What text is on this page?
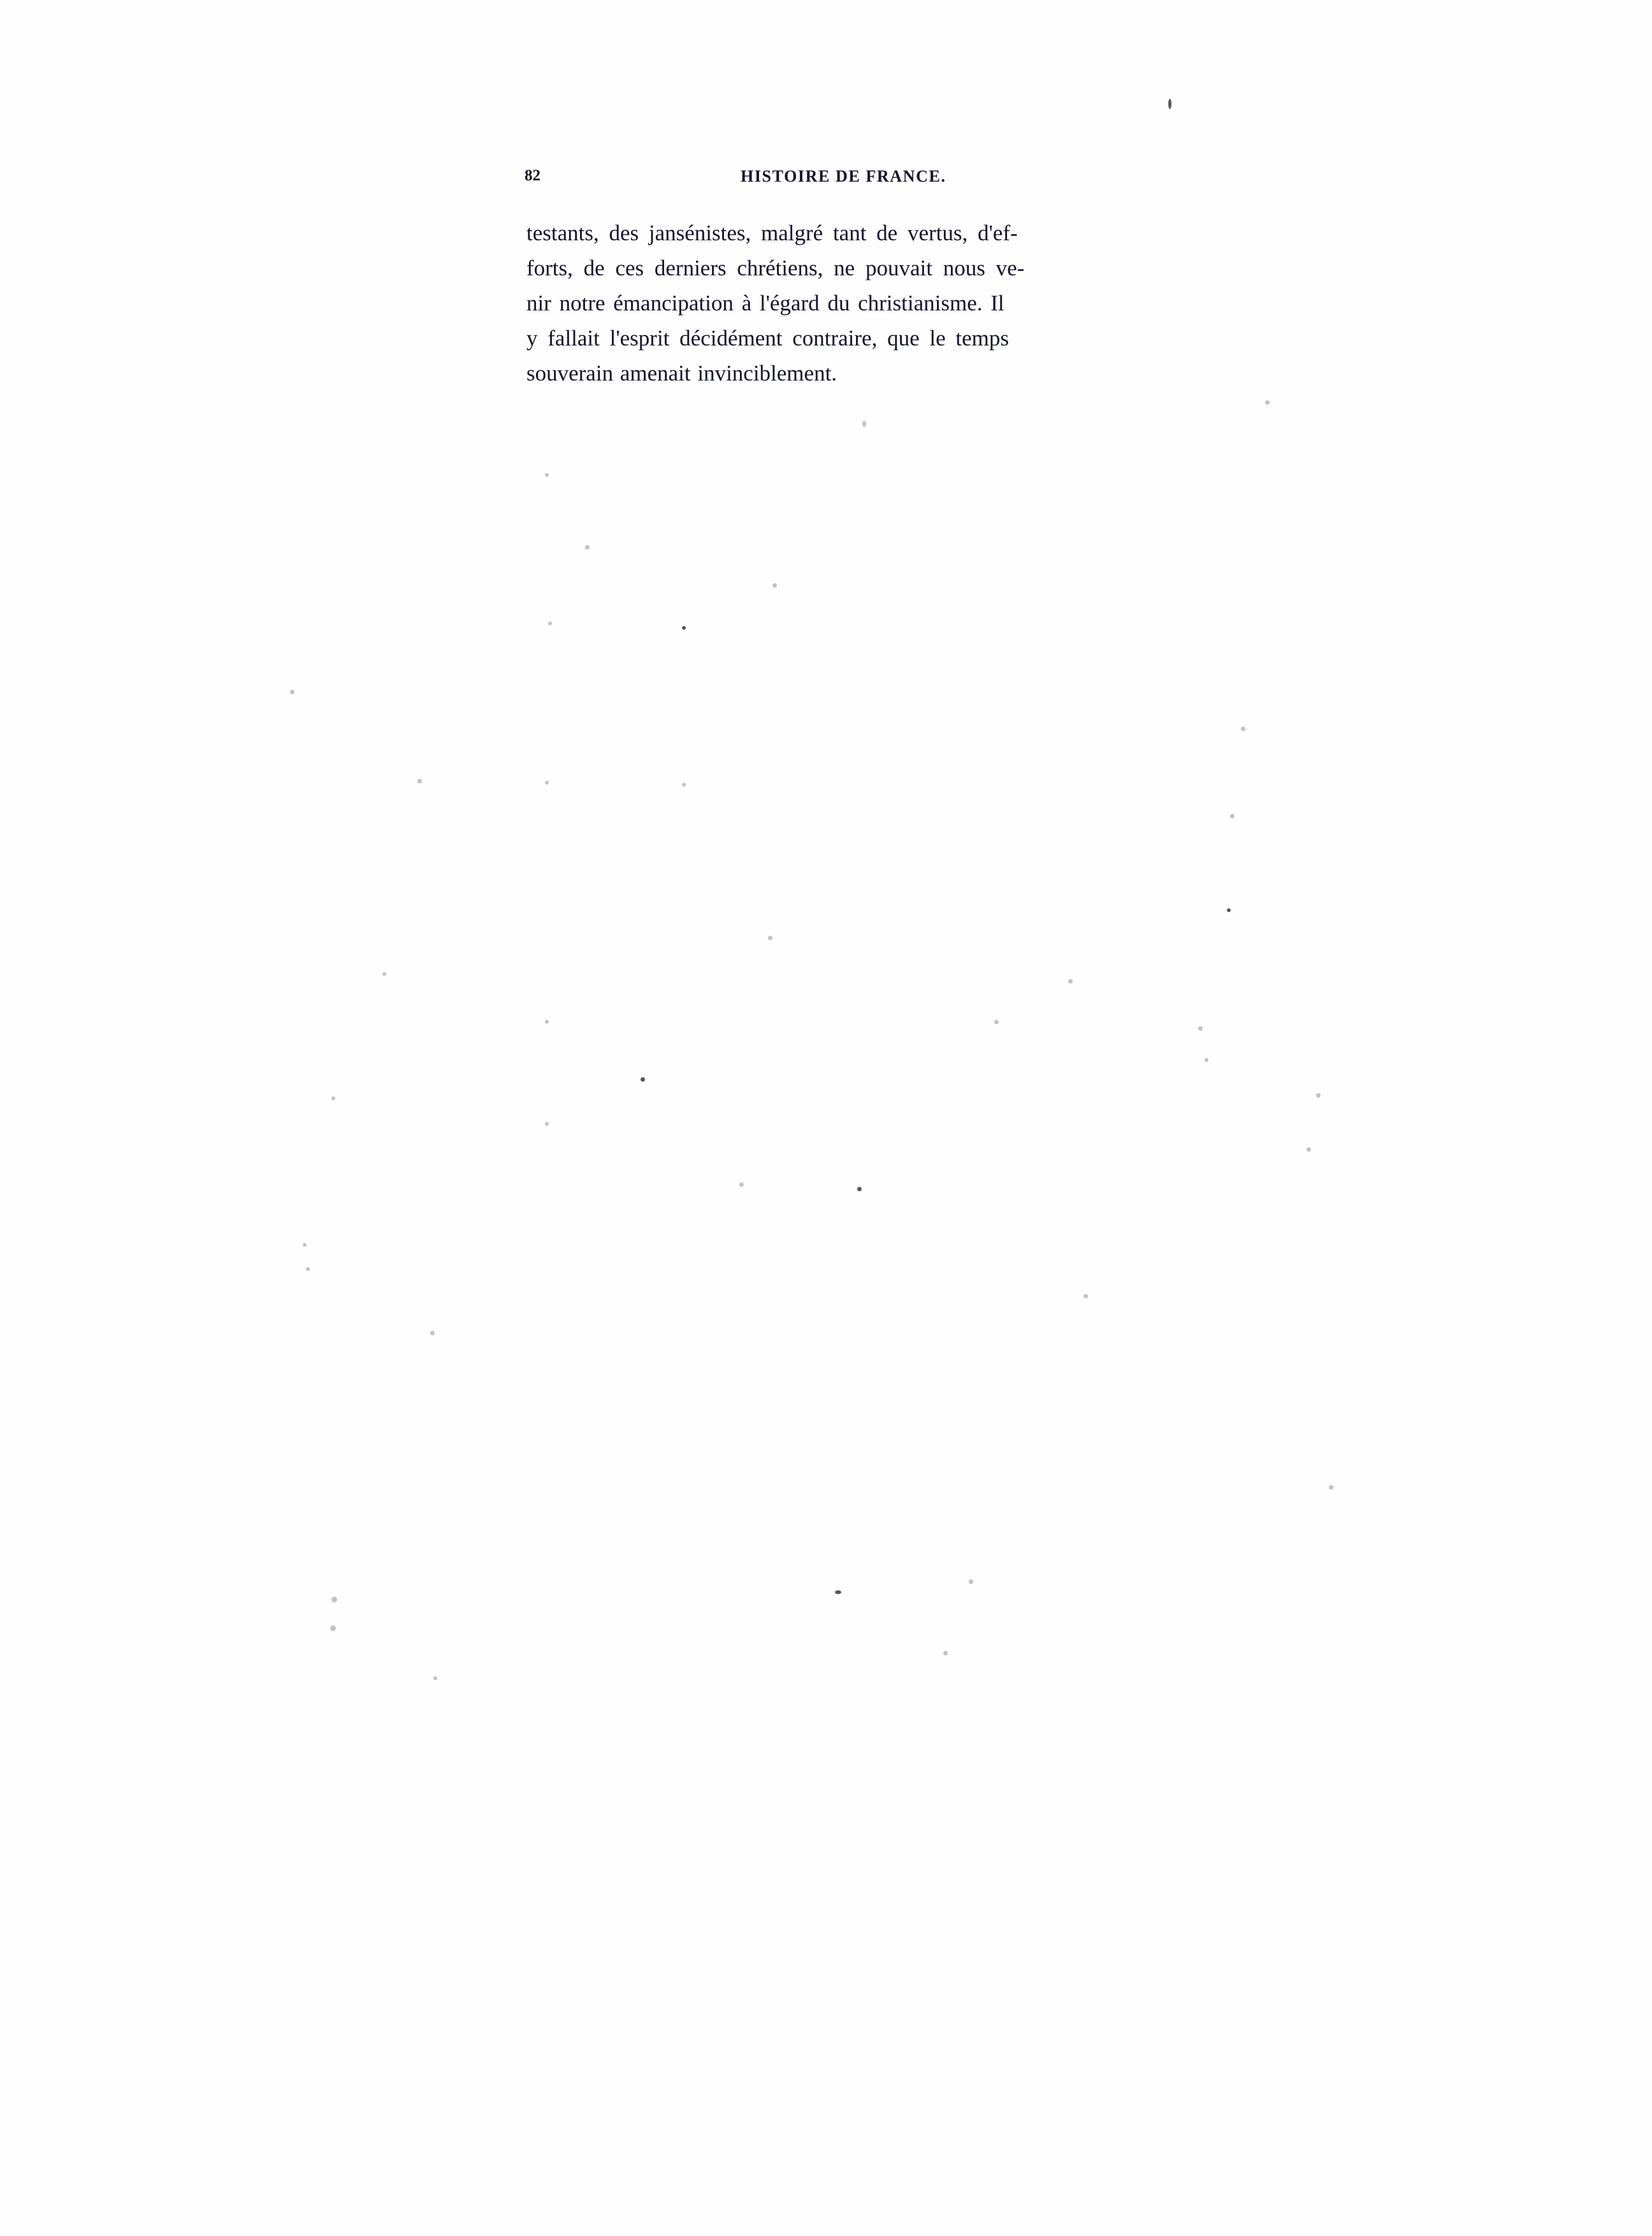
82	HISTOIRE DE FRANCE.

testants, des jansénistes, malgré tant de vertus, d'ef-
forts, de ces derniers chrétiens, ne pouvait nous ve-
nir notre émancipation à l'égard du christianisme. Il
y fallait l'esprit décidément contraire, que le temps
souverain amenait invinciblement.
